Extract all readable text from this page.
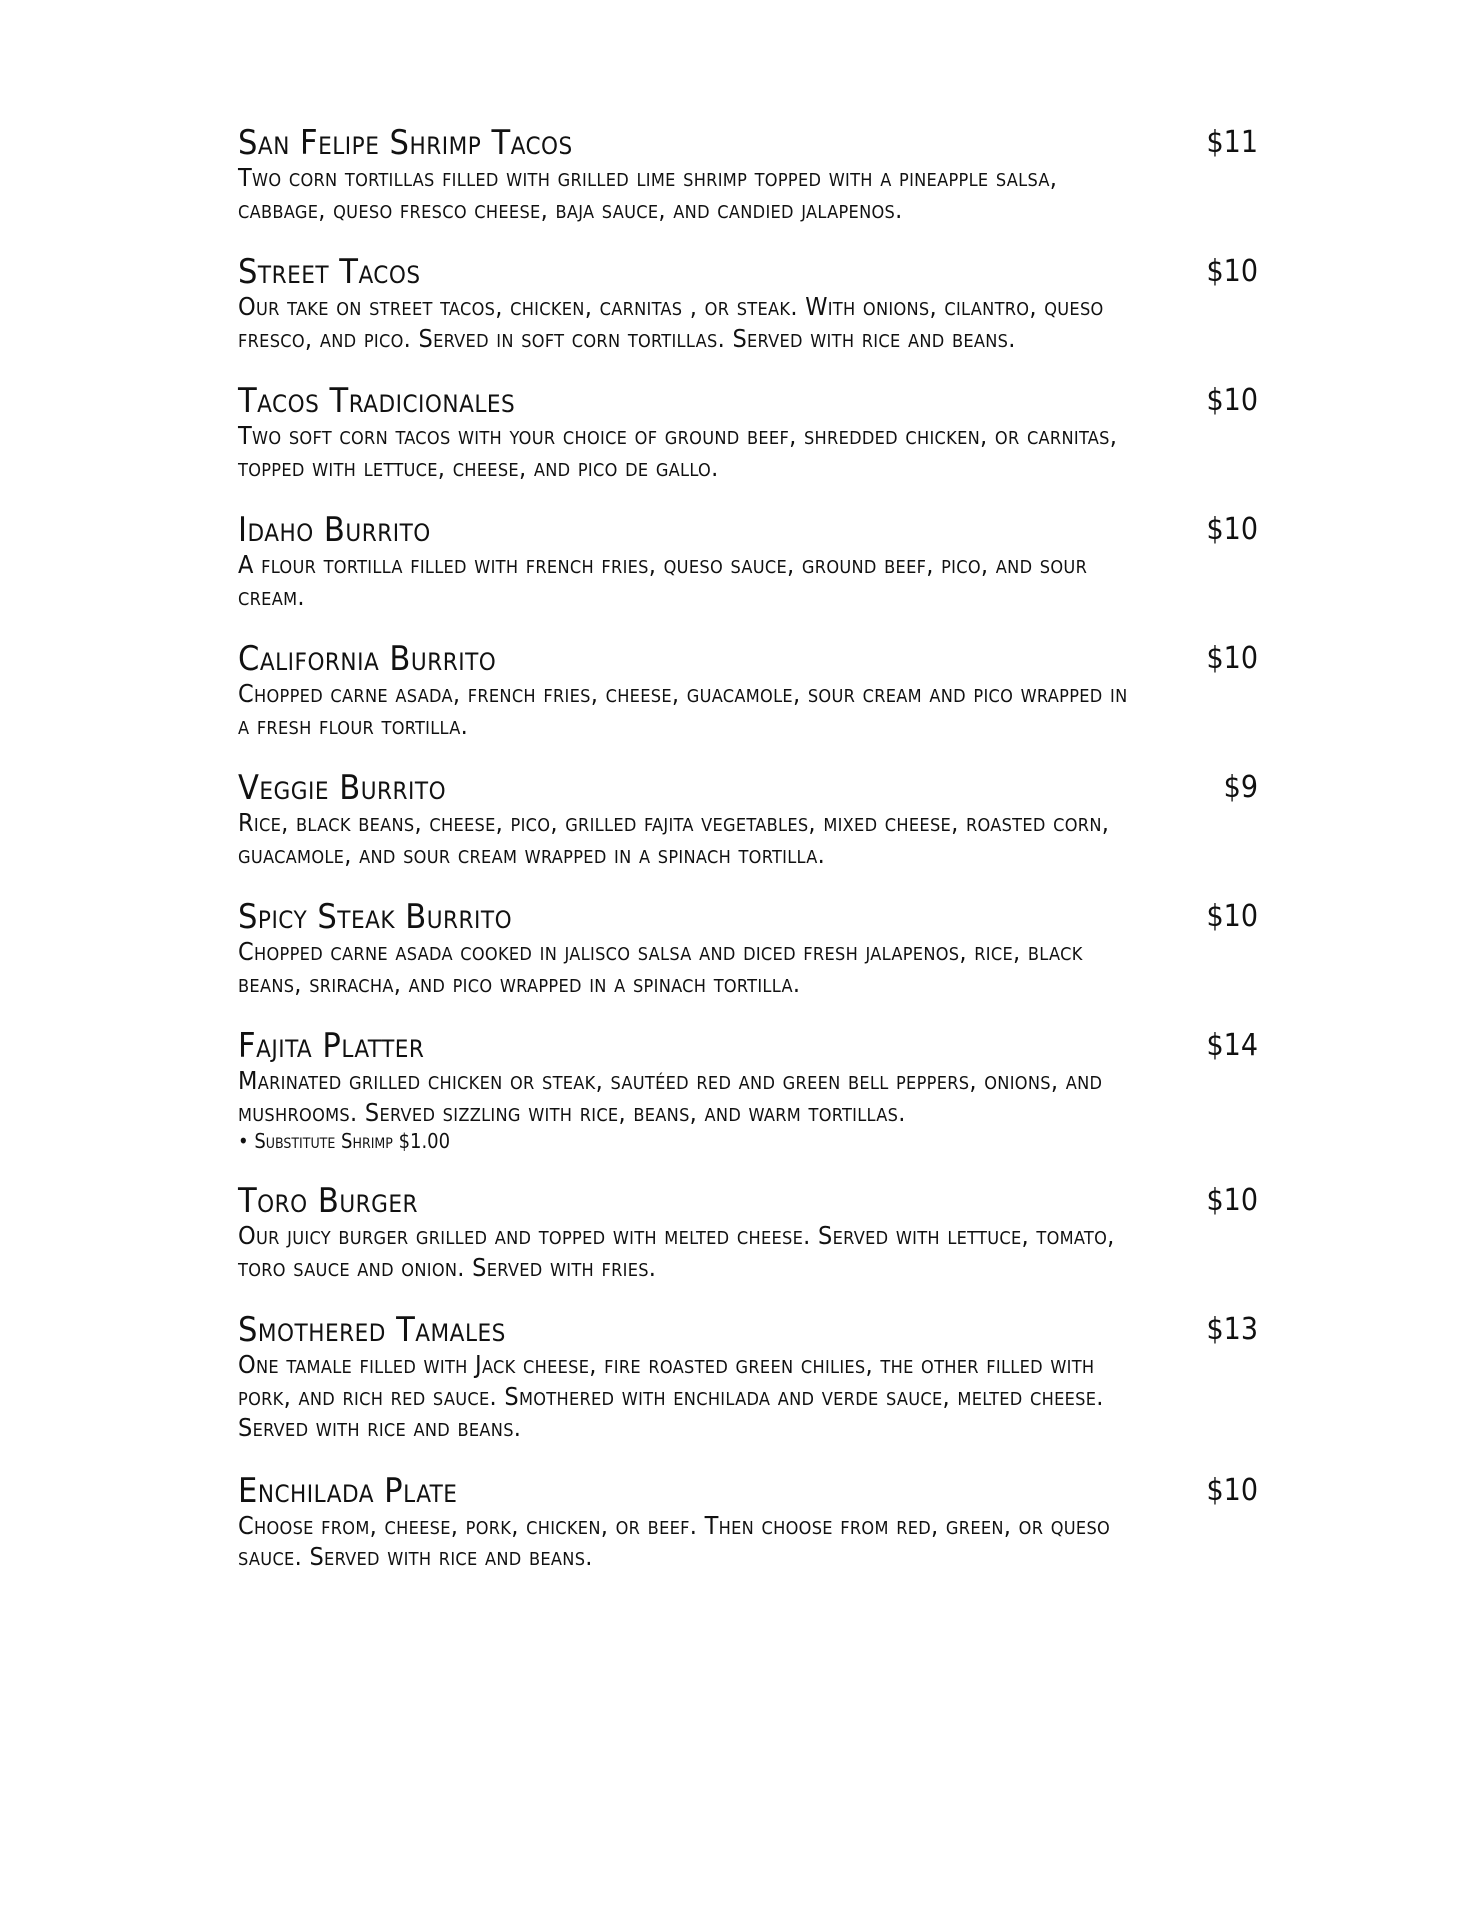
San Felipe Shrimp Tacos	$11
Two corn tortillas filled with grilled lime shrimp topped with a pineapple salsa, cabbage, queso fresco cheese, baja sauce, and candied jalapenos.
Street Tacos	$10
Our take on street tacos, chicken, carnitas , or steak. With onions, cilantro, queso fresco, and pico. Served in soft corn tortillas. Served with rice and beans.
Tacos Tradicionales	$10
Two soft corn tacos with your choice of ground beef, shredded chicken, or carnitas, topped with lettuce, cheese, and pico de gallo.
Idaho Burrito	$10
A flour tortilla filled with french fries, queso sauce, ground beef, pico, and sour cream.
California Burrito	$10
Chopped carne asada, french fries, cheese, guacamole, sour cream and pico wrapped in a fresh flour tortilla.
Veggie Burrito	$9
Rice, black beans, cheese, pico, grilled fajita vegetables, mixed cheese, roasted corn, guacamole, and sour cream wrapped in a spinach tortilla.
Spicy Steak Burrito	$10
Chopped carne asada cooked in jalisco salsa and diced fresh jalapenos, rice, black beans, sriracha, and pico wrapped in a spinach tortilla.
Fajita Platter	$14
Marinated grilled chicken or steak, sautéed red and green bell peppers, onions, and mushrooms. Served sizzling with rice, beans, and warm tortillas.
• Substitute Shrimp $1.00
Toro Burger	$10
Our juicy burger grilled and topped with melted cheese. Served with lettuce, tomato, toro sauce and onion. Served with fries.
Smothered Tamales	$13
One tamale filled with Jack cheese, fire roasted green chilies, the other filled with pork, and rich red sauce. Smothered with enchilada and verde sauce, melted cheese. Served with rice and beans.
Enchilada Plate	$10
Choose from, cheese, pork, chicken, or beef. Then choose from red, green, or queso sauce. Served with rice and beans.
